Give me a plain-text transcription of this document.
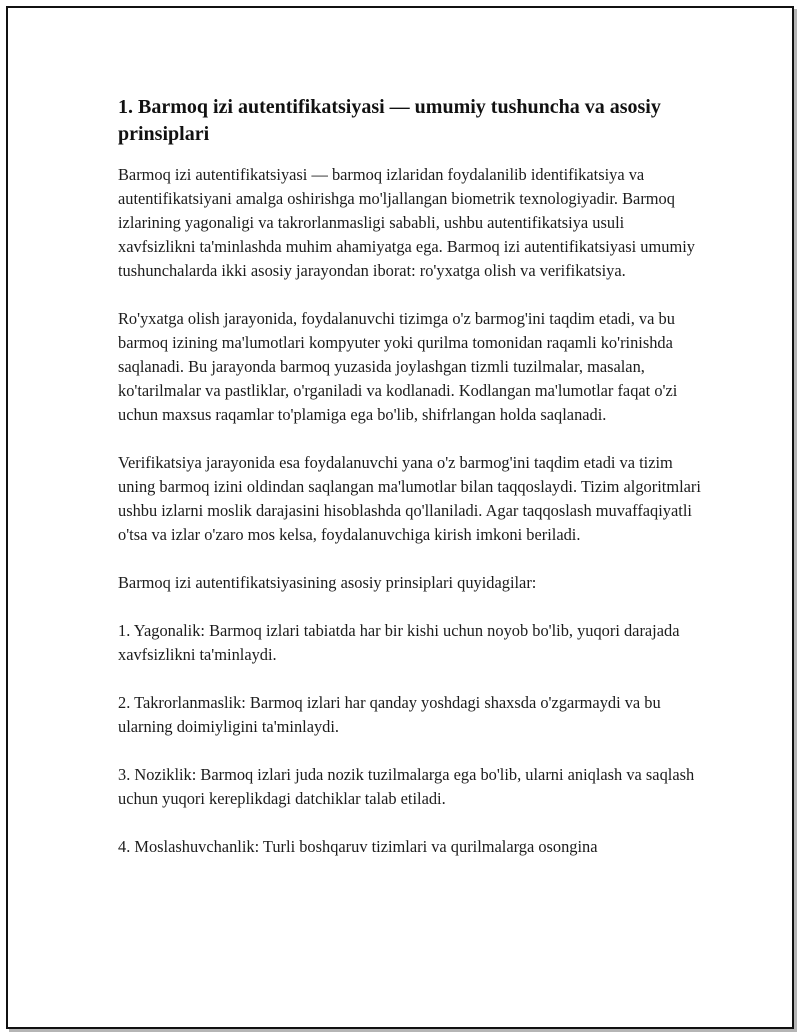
1. Barmoq izi autentifikatsiyasi — umumiy tushuncha va asosiy prinsiplari

Barmoq izi autentifikatsiyasi — barmoq izlaridan foydalanilib identifikatsiya va autentifikatsiyani amalga oshirishga mo'ljallangan biometrik texnologiyadir. Barmoq izlarining yagonaligi va takrorlanmasligi sababli, ushbu autentifikatsiya usuli xavfsizlikni ta'minlashda muhim ahamiyatga ega. Barmoq izi autentifikatsiyasi umumiy tushunchalarda ikki asosiy jarayondan iborat: ro'yxatga olish va verifikatsiya.

Ro'yxatga olish jarayonida, foydalanuvchi tizimga o'z barmog'ini taqdim etadi, va bu barmoq izining ma'lumotlari kompyuter yoki qurilma tomonidan raqamli ko'rinishda saqlanadi. Bu jarayonda barmoq yuzasida joylashgan tizmli tuzilmalar, masalan, ko'tarilmalar va pastliklar, o'rganiladi va kodlanadi. Kodlangan ma'lumotlar faqat o'zi uchun maxsus raqamlar to'plamiga ega bo'lib, shifrlangan holda saqlanadi.

Verifikatsiya jarayonida esa foydalanuvchi yana o'z barmog'ini taqdim etadi va tizim uning barmoq izini oldindan saqlangan ma'lumotlar bilan taqqoslaydi. Tizim algoritmlari ushbu izlarni moslik darajasini hisoblashda qo'llaniladi. Agar taqqoslash muvaffaqiyatli o'tsa va izlar o'zaro mos kelsa, foydalanuvchiga kirish imkoni beriladi.

Barmoq izi autentifikatsiyasining asosiy prinsiplari quyidagilar:

1. Yagonalik: Barmoq izlari tabiatda har bir kishi uchun noyob bo'lib, yuqori darajada xavfsizlikni ta'minlaydi.

2. Takrorlanmaslik: Barmoq izlari har qanday yoshdagi shaxsda o'zgarmaydi va bu ularning doimiyligini ta'minlaydi.

3. Noziklik: Barmoq izlari juda nozik tuzilmalarga ega bo'lib, ularni aniqlash va saqlash uchun yuqori kereplikdagi datchiklar talab etiladi.

4. Moslashuvchanlik: Turli boshqaruv tizimlari va qurilmalarga osongina
